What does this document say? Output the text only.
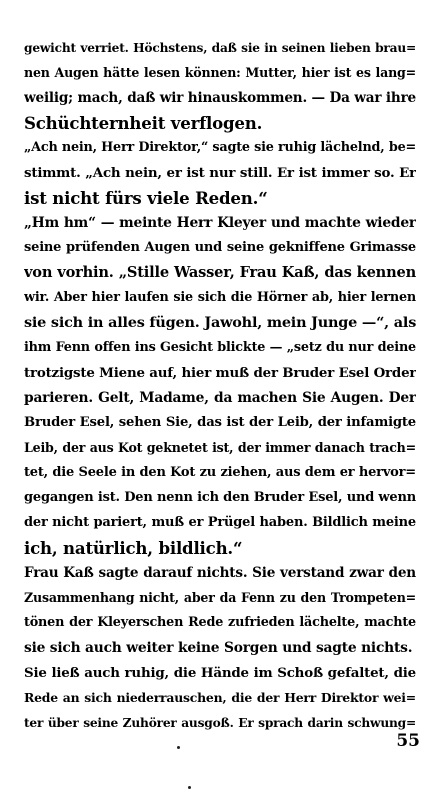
gewicht verriet. Höchstens, daß sie in seinen lieben brau=
nen Augen hätte lesen können: Mutter, hier ist es lang=
weilig; mach, daß wir hinauskommen. — Da war ihre
Schüchternheit verflogen.
„Ach nein, Herr Direktor,“ sagte sie ruhig lächelnd, be=
stimmt. „Ach nein, er ist nur still. Er ist immer so. Er
ist nicht fürs viele Reden.“
„Hm hm“ — meinte Herr Kleyer und machte wieder
seine prüfenden Augen und seine gekniffene Grimasse
von vorhin. „Stille Wasser, Frau Kaß, das kennen
wir. Aber hier laufen sie sich die Hörner ab, hier lernen
sie sich in alles fügen. Jawohl, mein Junge —“, als
ihm Fenn offen ins Gesicht blickte — „setz du nur deine
trotzigste Miene auf, hier muß der Bruder Esel Order
parieren. Gelt, Madame, da machen Sie Augen. Der
Bruder Esel, sehen Sie, das ist der Leib, der infamigte
Leib, der aus Kot geknetet ist, der immer danach trach=
tet, die Seele in den Kot zu ziehen, aus dem er hervor=
gegangen ist. Den nenn ich den Bruder Esel, und wenn
der nicht pariert, muß er Prügel haben. Bildlich meine
ich, natürlich, bildlich.“
Frau Kaß sagte darauf nichts. Sie verstand zwar den
Zusammenhang nicht, aber da Fenn zu den Trompeten=
tönen der Kleyerschen Rede zufrieden lächelte, machte
sie sich auch weiter keine Sorgen und sagte nichts.
Sie ließ auch ruhig, die Hände im Schoß gefaltet, die
Rede an sich niederrauschen, die der Herr Direktor wei=
ter über seine Zuhörer ausgoß. Er sprach darin schwung=
55
